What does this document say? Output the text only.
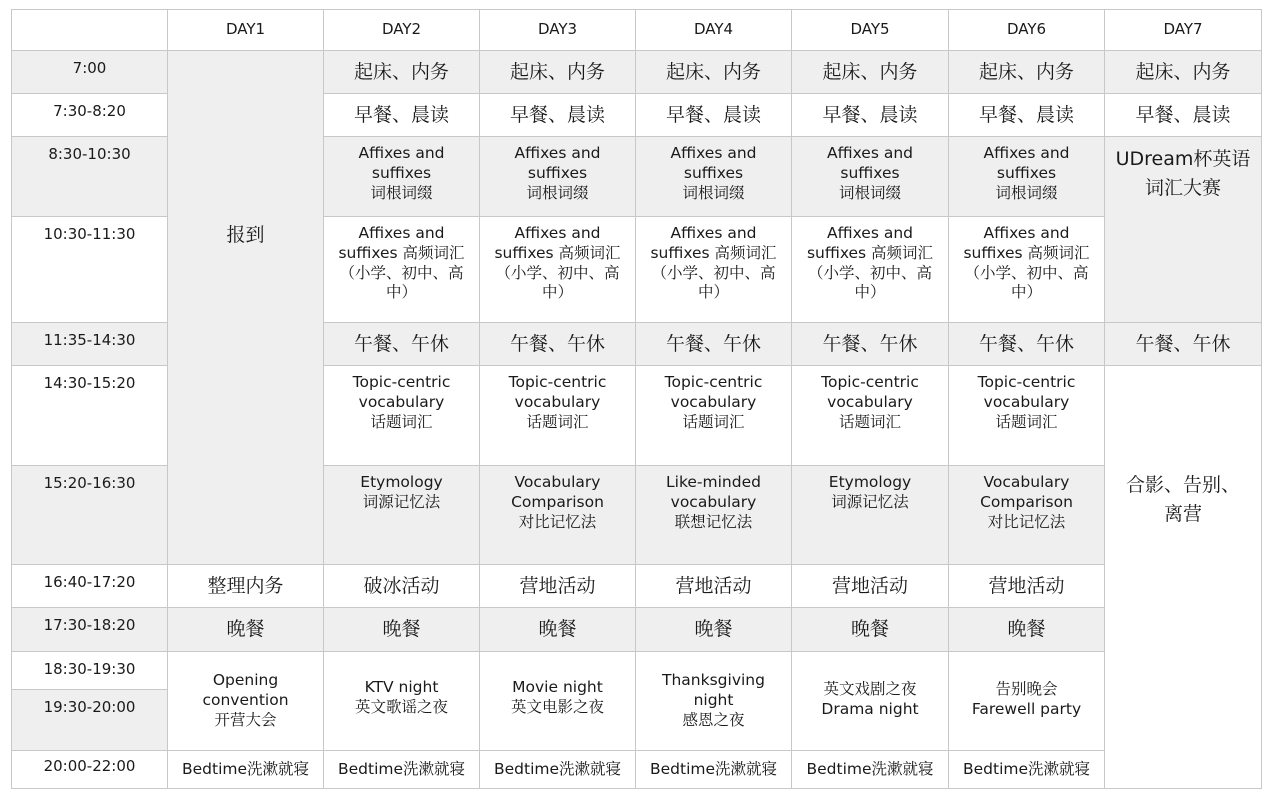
	DAY1	DAY2	DAY3	DAY4	DAY5	DAY6	DAY7
7:00	报到	起床、内务	起床、内务	起床、内务	起床、内务	起床、内务	起床、内务
7:30-8:20		早餐、晨读	早餐、晨读	早餐、晨读	早餐、晨读	早餐、晨读	早餐、晨读
8:30-10:30		Affixes and
suffixes
词根词缀	Affixes and
suffixes
词根词缀	Affixes and
suffixes
词根词缀	Affixes and
suffixes
词根词缀	Affixes and
suffixes
词根词缀	UDream杯英语
词汇大赛

10:30-11:30		Affixes and
suffixes 高频词汇
（小学、初中、高
中）	Affixes and
suffixes 高频词汇
（小学、初中、高
中）	Affixes and
suffixes 高频词汇
（小学、初中、高
中）	Affixes and
suffixes 高频词汇
（小学、初中、高
中）	Affixes and
suffixes 高频词汇
（小学、初中、高
中）	

11:35-14:30		午餐、午休	午餐、午休	午餐、午休	午餐、午休	午餐、午休	午餐、午休
14:30-15:20		Topic-centric
vocabulary
话题词汇	Topic-centric
vocabulary
话题词汇	Topic-centric
vocabulary
话题词汇	Topic-centric
vocabulary
话题词汇	Topic-centric
vocabulary
话题词汇	合影、告别、
离营

15:20-16:30		Etymology
词源记忆法	Vocabulary
Comparison
对比记忆法	Like-minded
vocabulary
联想记忆法	Etymology
词源记忆法	Vocabulary
Comparison
对比记忆法	

16:40-17:20	整理内务	破冰活动	营地活动	营地活动	营地活动	营地活动	
17:30-18:20	晚餐	晚餐	晚餐	晚餐	晚餐	晚餐	
18:30-19:30	Opening
convention
开营大会	KTV night
英文歌谣之夜	Movie night
英文电影之夜	Thanksgiving
night
感恩之夜	英文戏剧之夜
Drama night	告别晚会
Farewell party	

19:30-20:00							
20:00-22:00	Bedtime洗漱就寝	Bedtime洗漱就寝	Bedtime洗漱就寝	Bedtime洗漱就寝	Bedtime洗漱就寝	Bedtime洗漱就寝	
